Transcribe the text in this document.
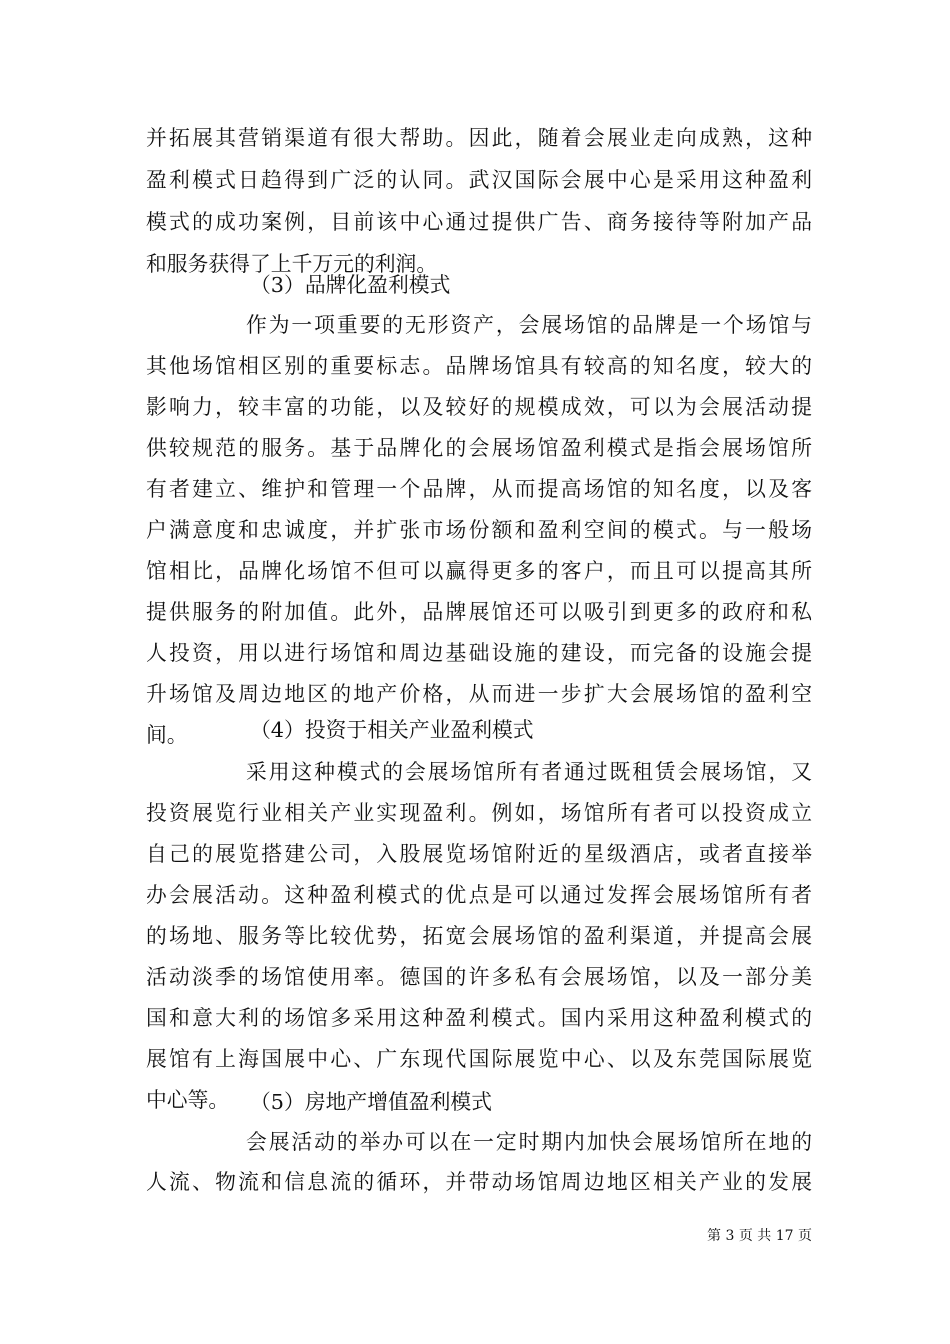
并拓展其营销渠道有很大帮助。因此，随着会展业走向成熟，这种
盈利模式日趋得到广泛的认同。武汉国际会展中心是采用这种盈利
模式的成功案例，目前该中心通过提供广告、商务接待等附加产品
和服务获得了上千万元的利润。
（3）品牌化盈利模式
作为一项重要的无形资产，会展场馆的品牌是一个场馆与
其他场馆相区别的重要标志。品牌场馆具有较高的知名度，较大的
影响力，较丰富的功能，以及较好的规模成效，可以为会展活动提
供较规范的服务。基于品牌化的会展场馆盈利模式是指会展场馆所
有者建立、维护和管理一个品牌，从而提高场馆的知名度，以及客
户满意度和忠诚度，并扩张市场份额和盈利空间的模式。与一般场
馆相比，品牌化场馆不但可以赢得更多的客户，而且可以提高其所
提供服务的附加值。此外，品牌展馆还可以吸引到更多的政府和私
人投资，用以进行场馆和周边基础设施的建设，而完备的设施会提
升场馆及周边地区的地产价格，从而进一步扩大会展场馆的盈利空
间。	（4）投资于相关产业盈利模式
采用这种模式的会展场馆所有者通过既租赁会展场馆，又
投资展览行业相关产业实现盈利。例如，场馆所有者可以投资成立
自己的展览搭建公司，入股展览场馆附近的星级酒店，或者直接举
办会展活动。这种盈利模式的优点是可以通过发挥会展场馆所有者
的场地、服务等比较优势，拓宽会展场馆的盈利渠道，并提高会展
活动淡季的场馆使用率。德国的许多私有会展场馆，以及一部分美
国和意大利的场馆多采用这种盈利模式。国内采用这种盈利模式的
展馆有上海国展中心、广东现代国际展览中心、以及东莞国际展览
中心等。	（5）房地产增值盈利模式
会展活动的举办可以在一定时期内加快会展场馆所在地的
人流、物流和信息流的循环，并带动场馆周边地区相关产业的发展
第 3 页 共 17 页
